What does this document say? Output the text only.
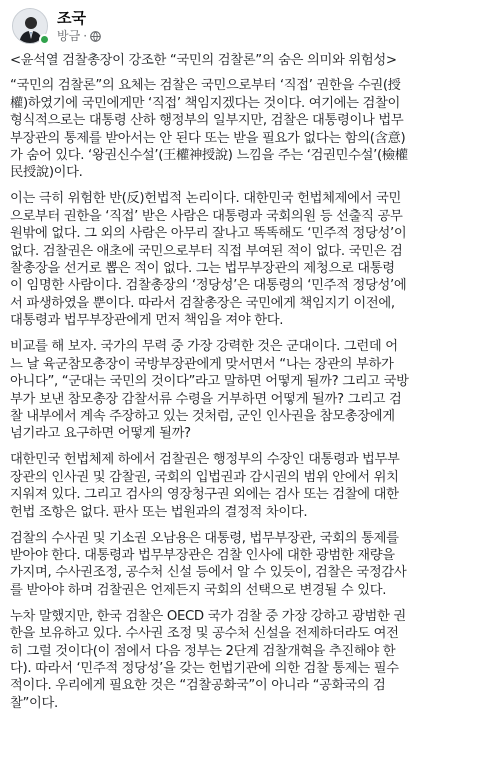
조국
방금 ·

<윤석열 검찰총장이 강조한 “국민의 검찰론”의 숨은 의미와 위험성>

“국민의 검찰론”의 요체는 검찰은 국민으로부터 ‘직접’ 권한을 수권(授
權)하였기에 국민에게만 ‘직접’ 책임지겠다는 것이다. 여기에는 검찰이
형식적으로는 대통령 산하 행정부의 일부지만, 검찰은 대통령이나 법무
부장관의 통제를 받아서는 안 된다 또는 받을 필요가 없다는 함의(含意)
가 숨어 있다. ‘왕권신수설’(王權神授說) 느낌을 주는 ‘검권민수설’(檢權
民授說)이다.

이는 극히 위험한 반(反)헌법적 논리이다. 대한민국 헌법체제에서 국민
으로부터 권한을 ‘직접’ 받은 사람은 대통령과 국회의원 등 선출직 공무
원밖에 없다. 그 외의 사람은 아무리 잘나고 똑똑해도 ‘민주적 정당성’이
없다. 검찰권은 애초에 국민으로부터 직접 부여된 적이 없다. 국민은 검
찰총장을 선거로 뽑은 적이 없다. 그는 법무부장관의 제청으로 대통령
이 임명한 사람이다. 검찰총장의 ‘정당성’은 대통령의 ‘민주적 정당성’에
서 파생하였을 뿐이다. 따라서 검찰총장은 국민에게 책임지기 이전에,
대통령과 법무부장관에게 먼저 책임을 져야 한다.

비교를 해 보자. 국가의 무력 중 가장 강력한 것은 군대이다. 그런데 어
느 날 육군참모총장이 국방부장관에게 맞서면서 “나는 장관의 부하가
아니다”, “군대는 국민의 것이다”라고 말하면 어떻게 될까? 그리고 국방
부가 보낸 참모총장 감찰서류 수령을 거부하면 어떻게 될까? 그리고 검
찰 내부에서 계속 주장하고 있는 것처럼, 군인 인사권을 참모총장에게
넘기라고 요구하면 어떻게 될까?

대한민국 헌법체제 하에서 검찰권은 행정부의 수장인 대통령과 법무부
장관의 인사권 및 감찰권, 국회의 입법권과 감시권의 범위 안에서 위치
지워져 있다. 그리고 검사의 영장청구권 외에는 검사 또는 검찰에 대한
헌법 조항은 없다. 판사 또는 법원과의 결정적 차이다.

검찰의 수사권 및 기소권 오남용은 대통령, 법무부장관, 국회의 통제를
받아야 한다. 대통령과 법무부장관은 검찰 인사에 대한 광범한 재량을
가지며, 수사권조정, 공수처 신설 등에서 알 수 있듯이, 검찰은 국정감사
를 받아야 하며 검찰권은 언제든지 국회의 선택으로 변경될 수 있다.

누차 말했지만, 한국 검찰은 OECD 국가 검찰 중 가장 강하고 광범한 권
한을 보유하고 있다. 수사권 조정 및 공수처 신설을 전제하더라도 여전
히 그럴 것이다(이 점에서 다음 정부는 2단계 검찰개혁을 추진해야 한
다). 따라서 ‘민주적 정당성’을 갖는 헌법기관에 의한 검찰 통제는 필수
적이다. 우리에게 필요한 것은 “검찰공화국”이 아니라 “공화국의 검
찰”이다.
